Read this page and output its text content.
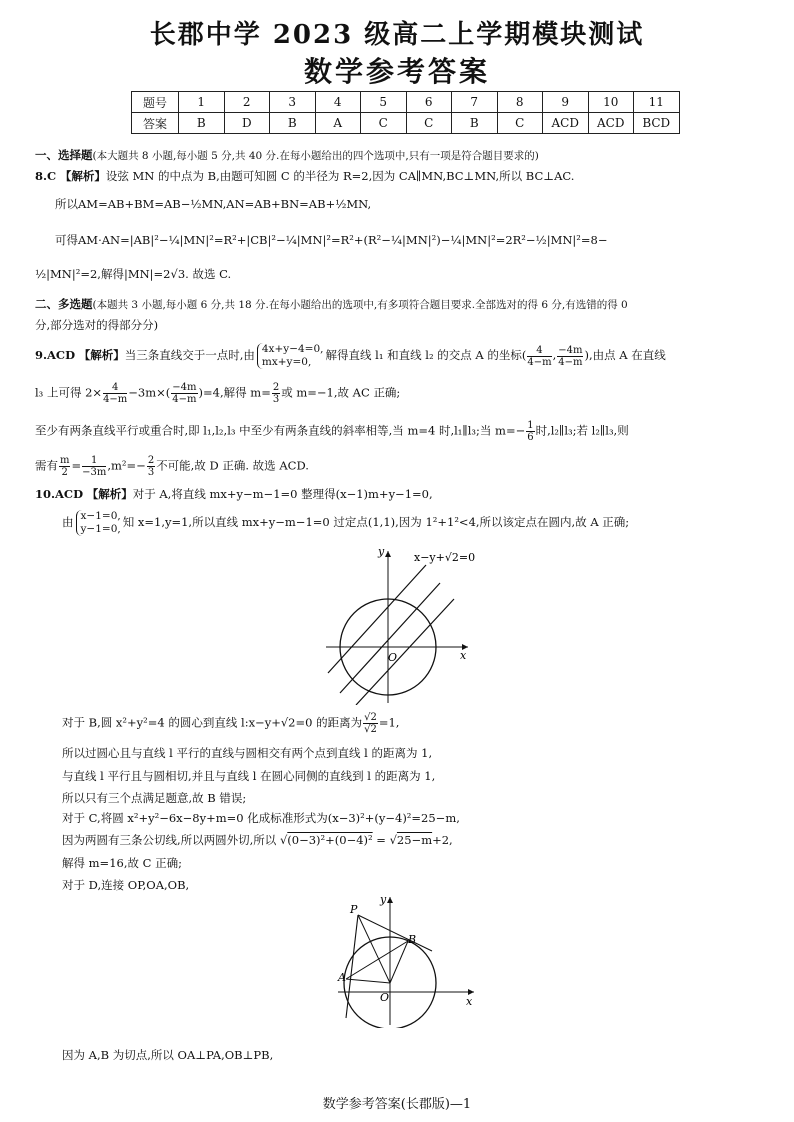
长郡中学 2023 级高二上学期模块测试
数学参考答案
题号	1	2	3	4	5	6	7	8	9	10	11
答案	B	D	B	A	C	C	B	C	ACD	ACD	BCD
一、选择题(本大题共 8 小题,每小题 5 分,共 40 分.在每小题给出的四个选项中,只有一项是符合题目要求的)
8.C 【解析】设弦 MN 的中点为 B,由题可知圆 C 的半径为 R=2,因为 CA∥MN,BC⊥MN,所以 BC⊥AC.
所以AM=AB+BM=AB−½MN,AN=AB+BN=AB+½MN,
可得AM·AN=|AB|²−¼|MN|²=R²+|CB|²−¼|MN|²=R²+(R²−¼|MN|²)−¼|MN|²=2R²−½|MN|²=8−
½|MN|²=2,解得|MN|=2√3. 故选 C.
二、多选题(本题共 3 小题,每小题 6 分,共 18 分.在每小题给出的选项中,有多项符合题目要求.全部选对的得 6 分,有选错的得 0
分,部分选对的得部分分)
9.ACD 【解析】当三条直线交于一点时,由 4x+y−4=0,
mx+y=0,	解得直线 l₁ 和直线 l₂ 的交点 A 的坐标( $\frac{4}{4-m}$ , $\frac{-4m}{4-m}$ ),由点 A 在直线
l₃ 上可得 $2\times \frac{4}{4-m} -3m\times( \frac{-4m}{4-m} )=4$,解得 $m= \frac{2}{3}$ 或 m=−1,故 AC 正确;
至少有两条直线平行或重合时,即 l₁,l₂,l₃ 中至少有两条直线的斜率相等,当 m=4 时,l₁∥l₃;当 $m=- \frac{1}{6}$ 时,l₂∥l₃;若 l₂∥l₃,则
需有 $\frac{m}{2} = \frac{1}{-3m} ,m^2=- \frac{2}{3}$ 不可能,故 D 正确. 故选 ACD.
10.ACD 【解析】对于 A,将直线 mx+y−m−1=0 整理得(x−1)m+y−1=0,
由 x−1=0,
y−1=0, 知 x=1,y=1,所以直线 mx+y−m−1=0 过定点(1,1),因为 1²+1²<4,所以该定点在圆内,故 A 正确;
x−y+√2=0
x
y
O
对于 B,圆 x²+y²=4 的圆心到直线 l:x−y+√2=0 的距离为 $\frac{√2}{√2} =1$,
所以过圆心且与直线 l 平行的直线与圆相交有两个点到直线 l 的距离为 1,
与直线 l 平行且与圆相切,并且与直线 l 在圆心同侧的直线到 l 的距离为 1,
所以只有三个点满足题意,故 B 错误;
对于 C,将圆 x²+y²−6x−8y+m=0 化成标准形式为(x−3)²+(y−4)²=25−m,
因为两圆有三条公切线,所以两圆外切,所以 √(0−3)²+(0−4)² = √25−m+2,
解得 m=16,故 C 正确;
对于 D,连接 OP,OA,OB,
P
A
B
O	x
y
因为 A,B 为切点,所以 OA⊥PA,OB⊥PB,
数学参考答案(长郡版)—1
